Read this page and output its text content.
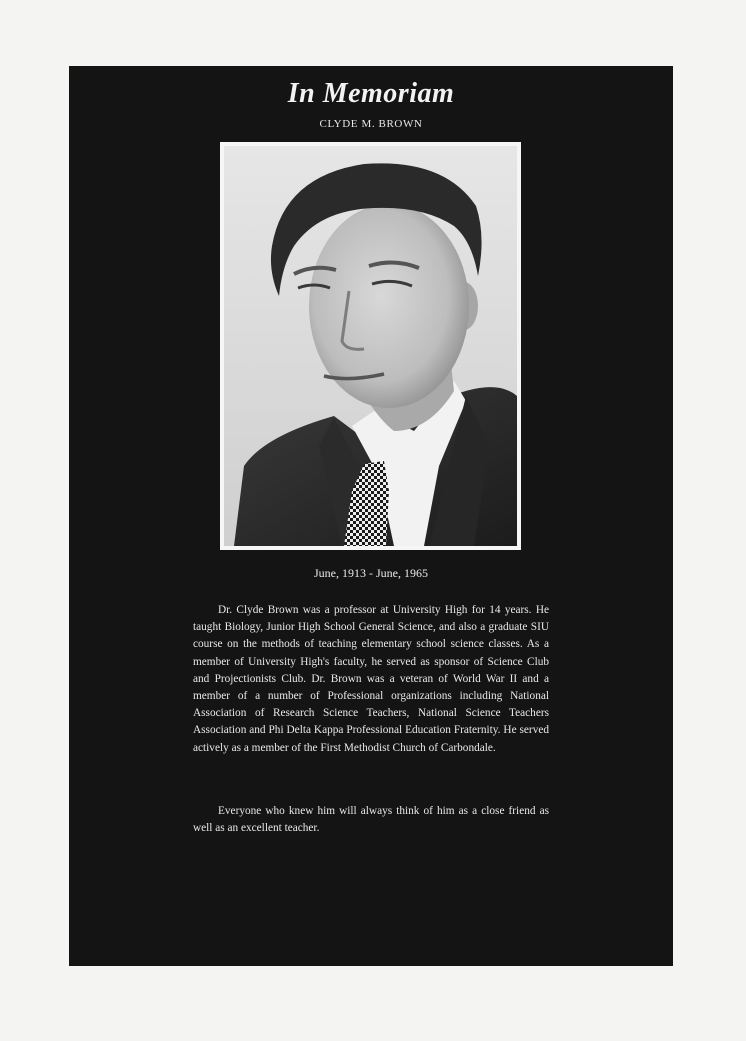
In Memoriam
CLYDE M. BROWN
June, 1913 - June, 1965

Dr. Clyde Brown was a professor at University High for 14 years. He taught Biology, Junior High School General Science, and also a graduate SIU course on the methods of teaching elementary school science classes. As a member of University High's faculty, he served as sponsor of Science Club and Projectionists Club. Dr. Brown was a veteran of World War II and a member of a number of Professional organizations including National Association of Research Science Teachers, National Science Teachers Association and Phi Delta Kappa Professional Education Fraternity. He served actively as a member of the First Methodist Church of Carbondale.

Everyone who knew him will always think of him as a close friend as well as an excellent teacher.
